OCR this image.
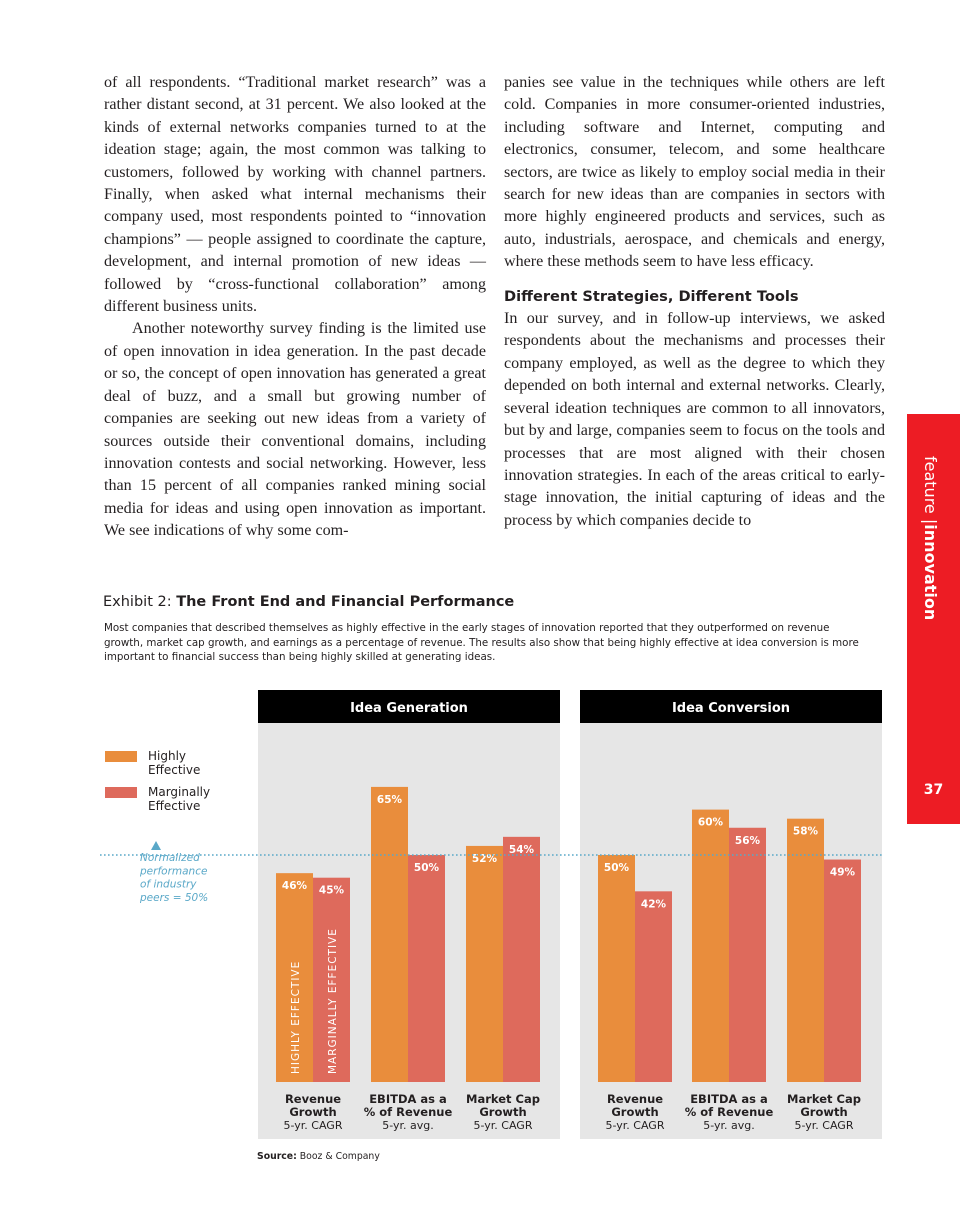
of all respondents. “Traditional market research” was a rather distant second, at 31 percent. We also looked at the kinds of external networks companies turned to at the ideation stage; again, the most common was talking to customers, followed by working with channel partners. Finally, when asked what internal mechanisms their company used, most respondents pointed to “innovation champions” — people assigned to coordinate the capture, development, and internal promotion of new ideas — followed by “cross-functional collaboration” among different business units.

Another noteworthy survey finding is the limited use of open innovation in idea generation. In the past decade or so, the concept of open innovation has generated a great deal of buzz, and a small but growing number of companies are seeking out new ideas from a variety of sources outside their conventional domains, including innovation contests and social networking. However, less than 15 percent of all companies ranked mining social media for ideas and using open innovation as important. We see indications of why some com-

panies see value in the techniques while others are left cold. Companies in more consumer-oriented industries, including software and Internet, computing and electronics, consumer, telecom, and some healthcare sectors, are twice as likely to employ social media in their search for new ideas than are companies in sectors with more highly engineered products and services, such as auto, industrials, aerospace, and chemicals and energy, where these methods seem to have less efficacy.

Different Strategies, Different Tools

In our survey, and in follow-up interviews, we asked respondents about the mechanisms and processes their company employed, as well as the degree to which they depended on both internal and external networks. Clearly, several ideation techniques are common to all innovators, but by and large, companies seem to focus on the tools and processes that are most aligned with their chosen innovation strategies. In each of the areas critical to early-stage innovation, the initial capturing of ideas and the process by which companies decide to

feature |innovation
37
Exhibit 2: The Front End and Financial Performance
Most companies that described themselves as highly effective in the early stages of innovation reported that they outperformed on revenue growth, market cap growth, and earnings as a percentage of revenue. The results also show that being highly effective at idea conversion is more important to financial success than being highly skilled at generating ideas.
Idea Generation
46% 45%
Revenue
Growth
5-yr. CAGR
65%
50%
EBITDA as a
% of Revenue
5-yr. avg.
52%
54%
Market Cap
Growth
5-yr. CAGR
Idea Conversion
50%
42%
Revenue
Growth
5-yr. CAGR
60%
56%
EBITDA as a
% of Revenue
5-yr. avg.
58%
49%
Market Cap
Growth
5-yr. CAGR
HIGHLY EFFECTIVE MARGINALLY EFFECTIVE
Normalized
performance
of industry
peers = 50%
Highly
Effective
Marginally
Effective
Source: Booz & Company
